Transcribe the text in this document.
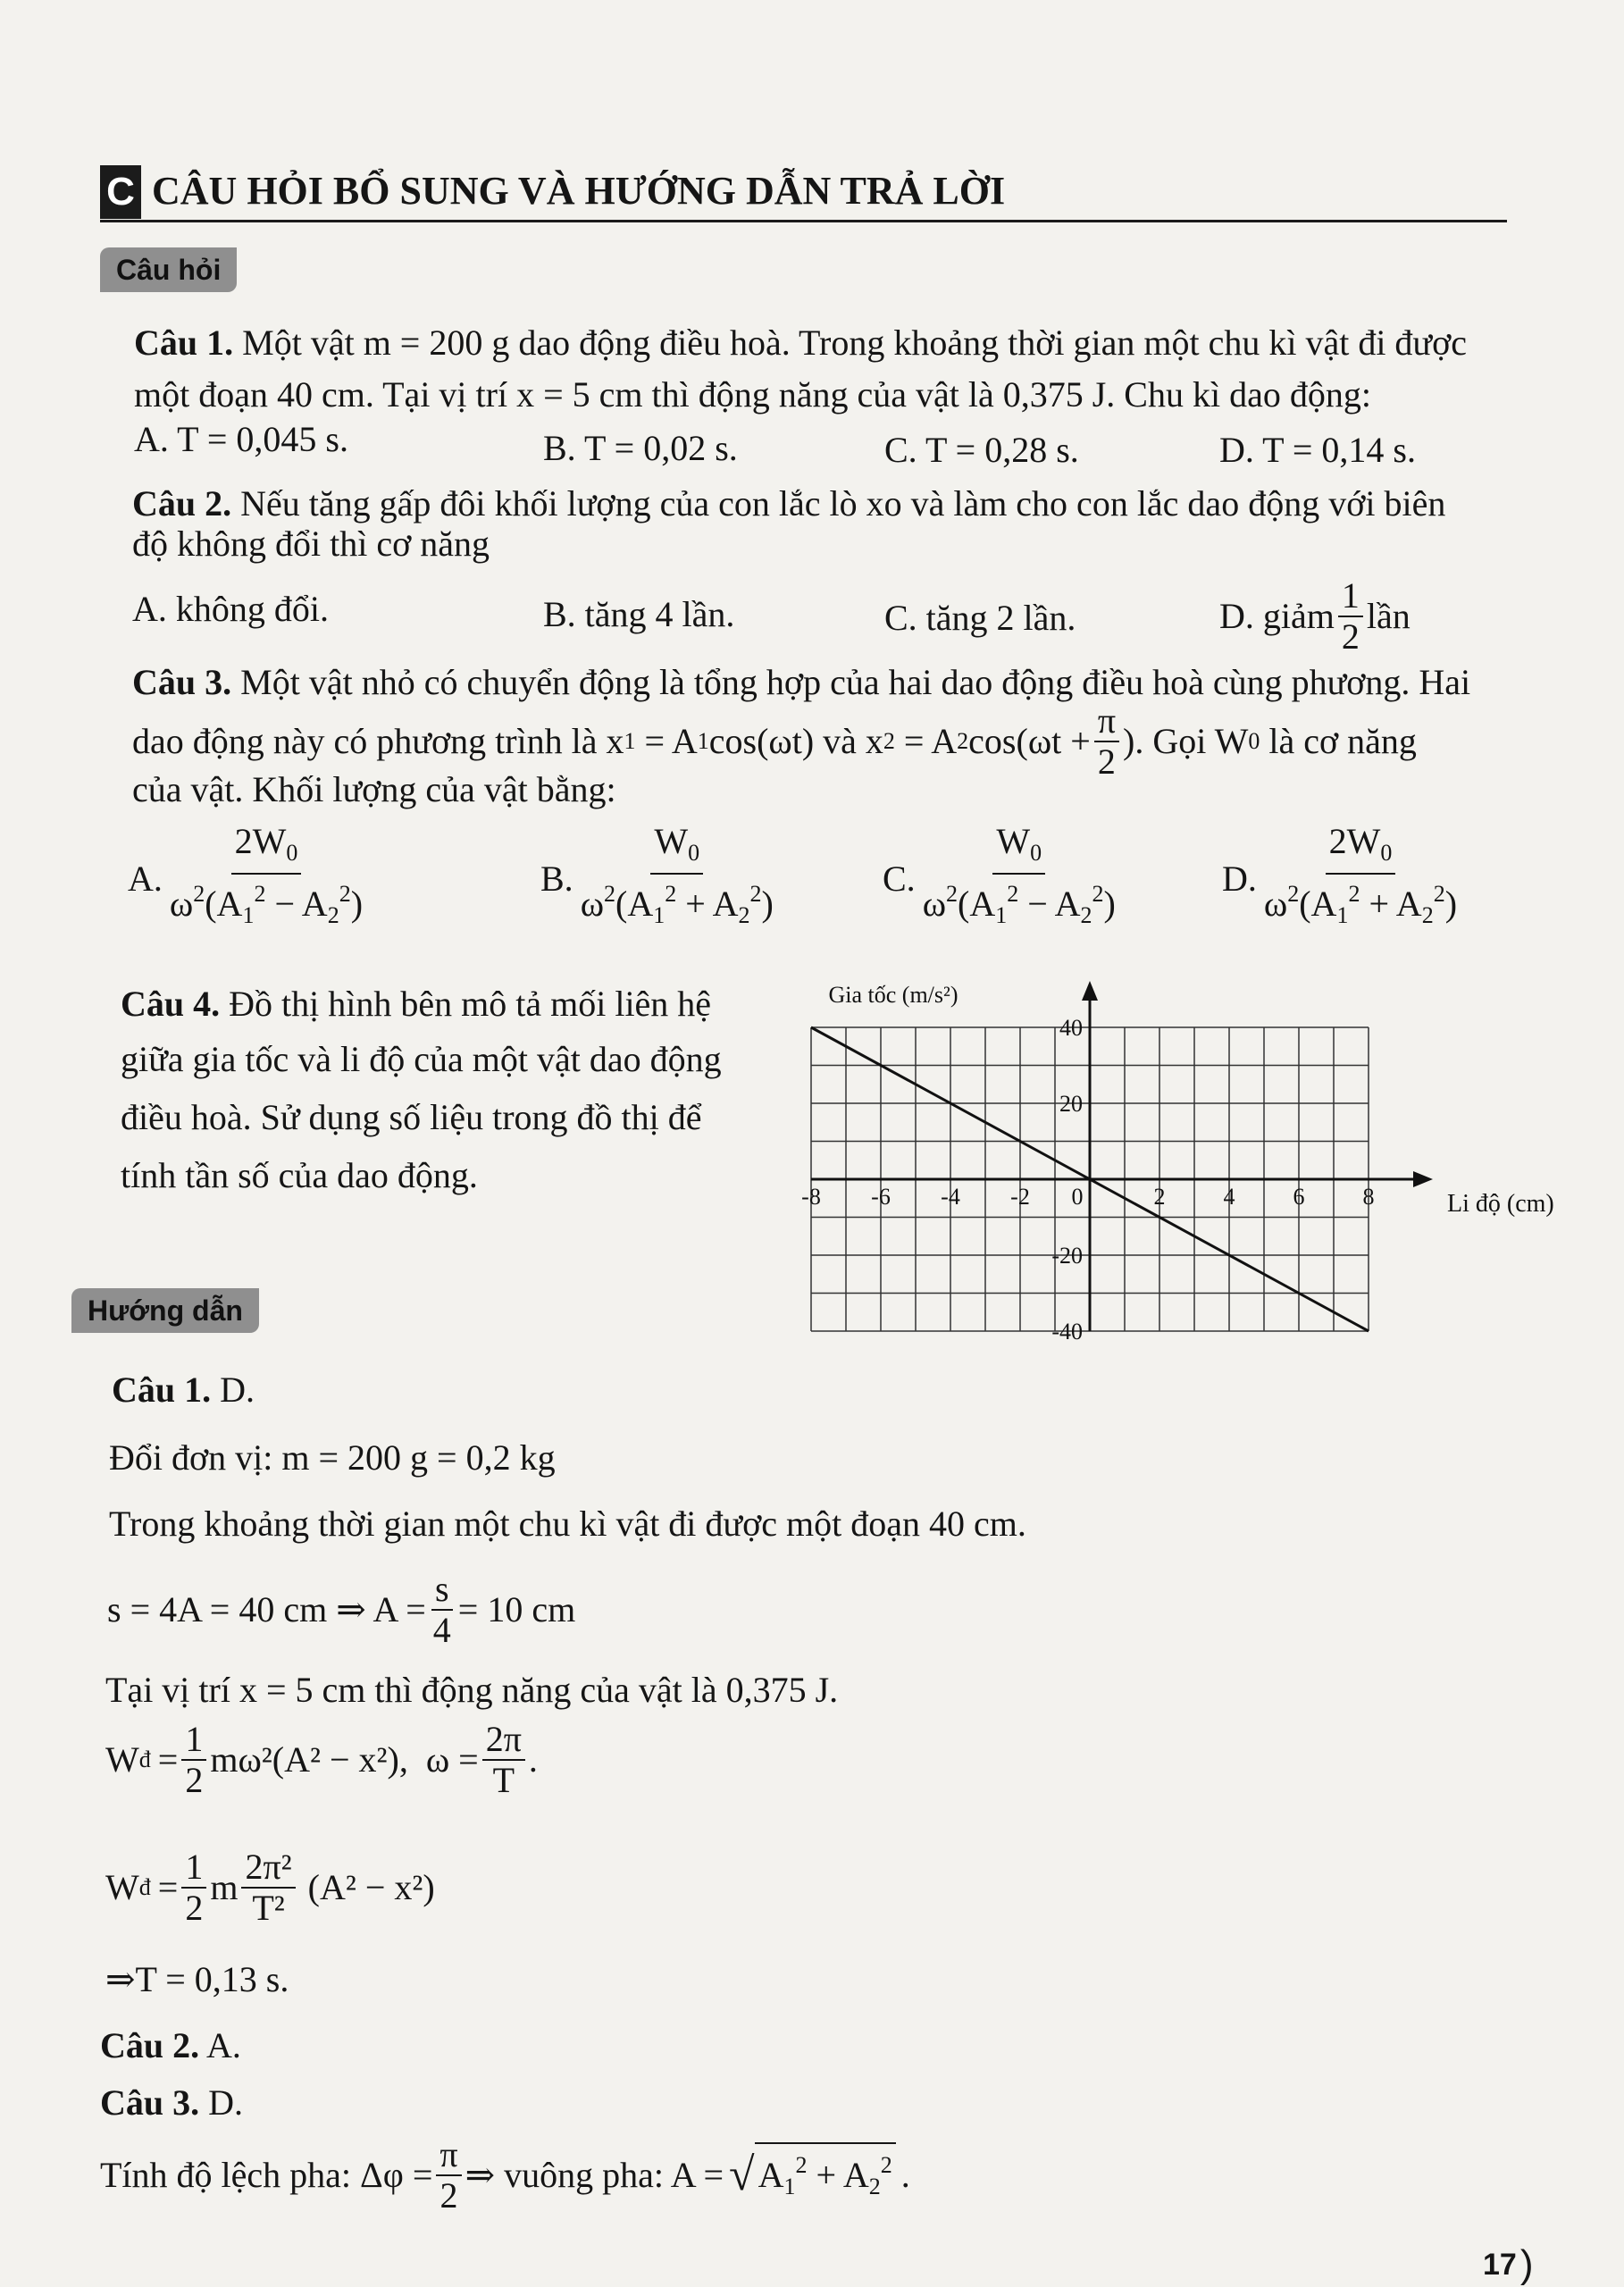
C CÂU HỎI BỔ SUNG VÀ HƯỚNG DẪN TRẢ LỜI
Câu hỏi
Câu 1. Một vật m = 200 g dao động điều hoà. Trong khoảng thời gian một chu kì vật đi được
một đoạn 40 cm. Tại vị trí x = 5 cm thì động năng của vật là 0,375 J. Chu kì dao động:
A. T = 0,045 s.	B. T = 0,02 s.	C. T = 0,28 s.	D. T = 0,14 s.
Câu 2. Nếu tăng gấp đôi khối lượng của con lắc lò xo và làm cho con lắc dao động với biên
độ không đổi thì cơ năng
A. không đổi.	B. tăng 4 lần.	C. tăng 2 lần.	D. giảm $\frac{1}{2}$ lần
Câu 3. Một vật nhỏ có chuyển động là tổng hợp của hai dao động điều hoà cùng phương. Hai
dao động này có phương trình là x 1 = A 1 cos(ωt) và x 2 = A 2 $\cos(\omega t + \frac{\pi}{2}$ ). Gọi W 0 là cơ năng
của vật. Khối lượng của vật bằng:
A. $\frac{2W_0}{\omega^2(A_1^2 - A_2^2)}$	B. $\frac{W_0}{\omega^2(A_1^2 + A_2^2)}$	C. $\frac{W_0}{\omega^2(A_1^2 - A_2^2)}$	D. $\frac{2W_0}{\omega^2(A_1^2 + A_2^2)}$
Câu 4. Đồ thị hình bên mô tả mối liên hệ
giữa gia tốc và li độ của một vật dao động
điều hoà. Sử dụng số liệu trong đồ thị để
tính tần số của dao động.
-8 -6 -4 -2 0	2	4	6	8
40
20
-20
-40
Gia tốc (m/s²)
Li độ (cm)
Hướng dẫn
Câu 1. D.
Đổi đơn vị: m = 200 g = 0,2 kg
Trong khoảng thời gian một chu kì vật đi được một đoạn 40 cm.
s = 4A = 40 cm ⇒ $A = \frac{s}{4} = 10$ cm
Tại vị trí x = 5 cm thì động năng của vật là 0,375 J.
W đ = $\frac{1}{2} m\omega^2(A^2 - x^2)$,  $\omega = \frac{2\pi}{T}$ .
W đ = $\frac{1}{2}$ m $\frac{\text{2π²}}{\text{T²}} (A^2 - x^2)$
⇒T = 0,13 s.
Câu 2. A.
Câu 3. D.
Tính độ lệch pha: $\Delta\varphi = \frac{\pi}{2}$ ⇒ vuông pha: A = √ $A_1^2 + A_2^2$ .
17 )
